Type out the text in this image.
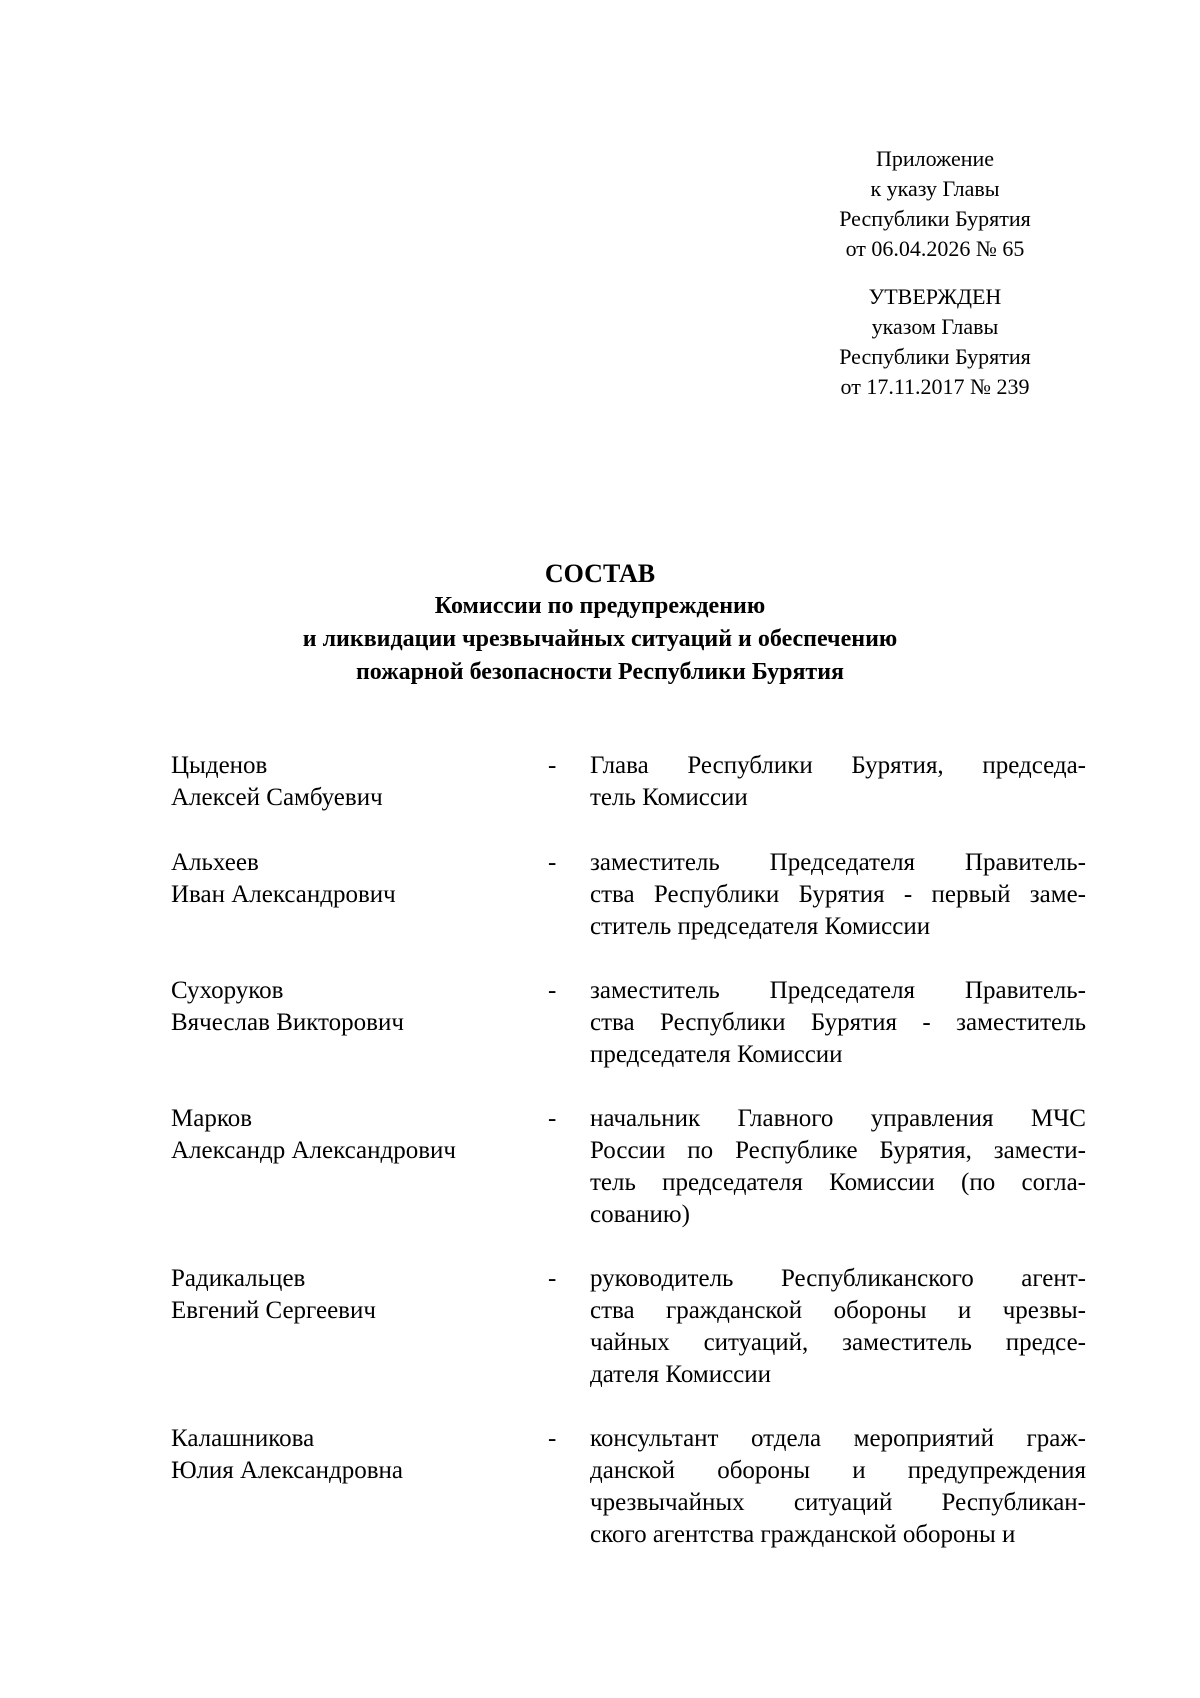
Приложение
к указу Главы
Республики Бурятия
от 06.04.2026 № 65
УТВЕРЖДЕН
указом Главы
Республики Бурятия
от 17.11.2017 № 239
СОСТАВ
Комиссии по предупреждению
и ликвидации чрезвычайных ситуаций и обеспечению
пожарной безопасности Республики Бурятия
Цыденов
Алексей Самбуевич
- Глава Республики Бурятия, председа-
тель Комиссии
Альхеев
Иван Александрович
- заместитель Председателя Правитель-
ства Республики Бурятия - первый заме-
ститель председателя Комиссии
Сухоруков
Вячеслав Викторович
- заместитель Председателя Правитель-
ства Республики Бурятия - заместитель
председателя Комиссии
Марков
Александр Александрович
- начальник Главного управления МЧС
России по Республике Бурятия, замести-
тель председателя Комиссии (по согла-
сованию)
Радикальцев
Евгений Сергеевич
- руководитель Республиканского агент-
ства гражданской обороны и чрезвы-
чайных ситуаций, заместитель предсе-
дателя Комиссии
Калашникова
Юлия Александровна
- консультант отдела мероприятий граж-
данской обороны и предупреждения
чрезвычайных ситуаций Республикан-
ского агентства гражданской обороны и
